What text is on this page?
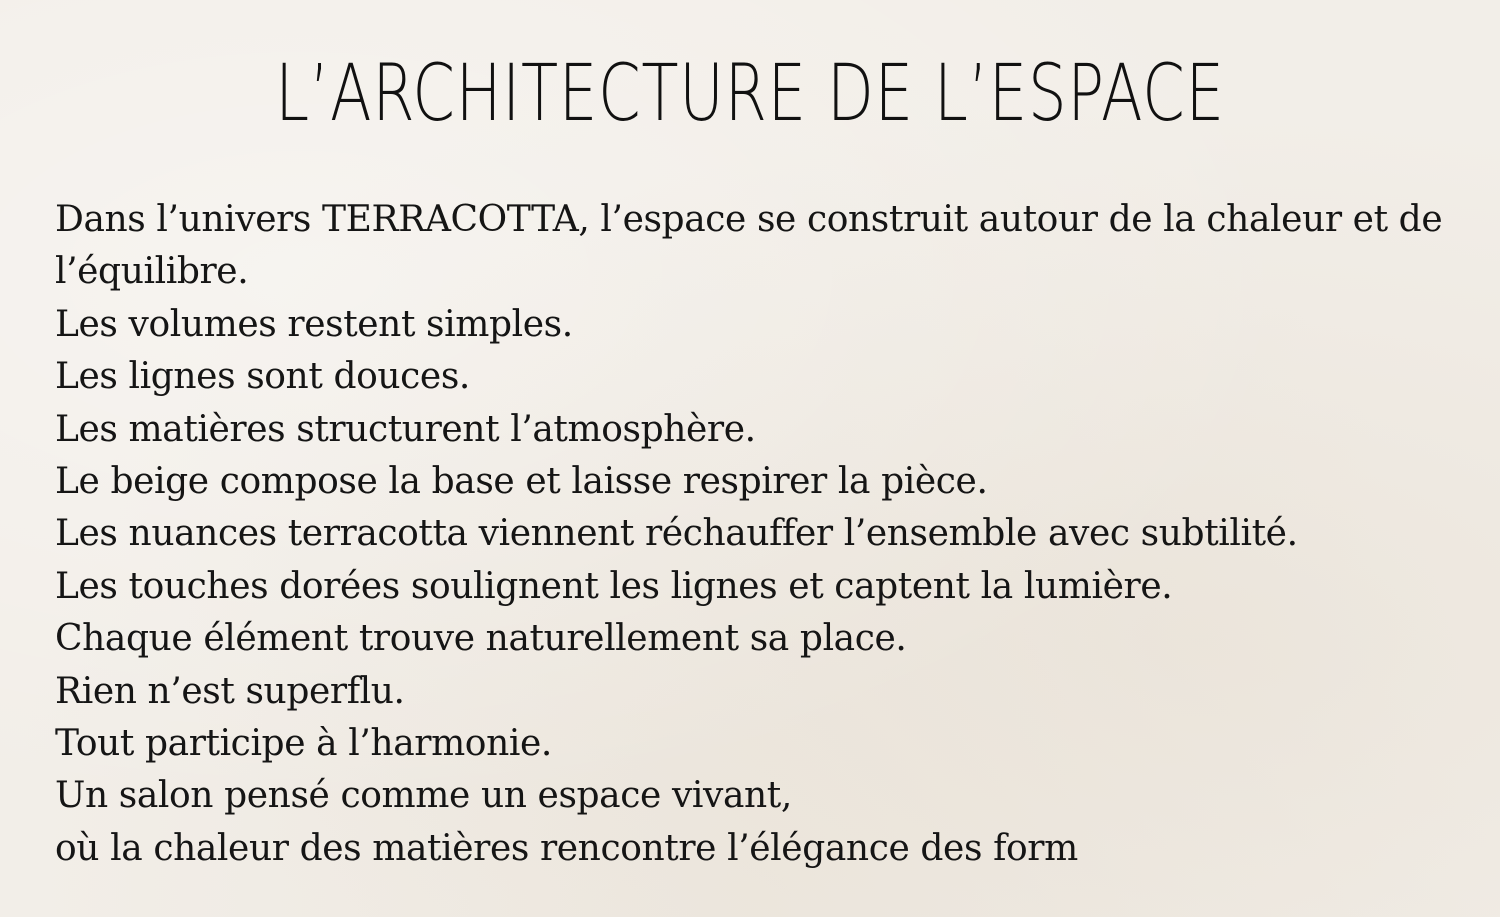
L’ARCHITECTURE DE L’ESPACE
Dans l’univers TERRACOTTA, l’espace se construit autour de la chaleur et de
l’équilibre.
Les volumes restent simples.
Les lignes sont douces.
Les matières structurent l’atmosphère.
Le beige compose la base et laisse respirer la pièce.
Les nuances terracotta viennent réchauffer l’ensemble avec subtilité.
Les touches dorées soulignent les lignes et captent la lumière.
Chaque élément trouve naturellement sa place.
Rien n’est superflu.
Tout participe à l’harmonie.
Un salon pensé comme un espace vivant,
où la chaleur des matières rencontre l’élégance des form
